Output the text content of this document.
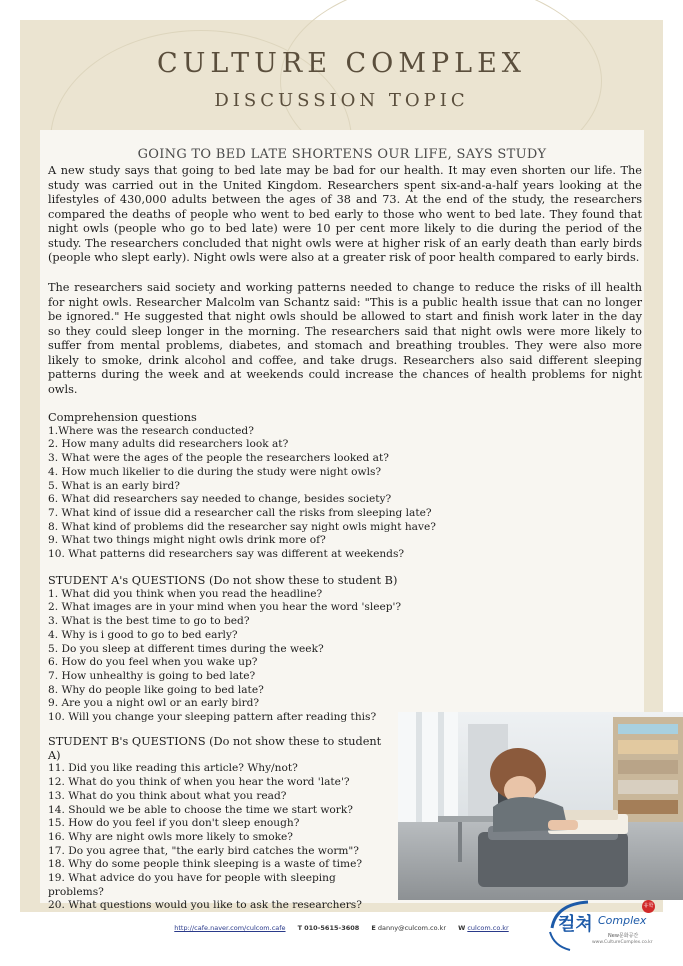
CULTURE COMPLEX
DISCUSSION TOPIC
GOING TO BED LATE SHORTENS OUR LIFE, SAYS STUDY

A new study says that going to bed late may be bad for our health. It may even shorten our life. The study was carried out in the United Kingdom. Researchers spent six-and-a-half years looking at the lifestyles of 430,000 adults between the ages of 38 and 73. At the end of the study, the researchers compared the deaths of people who went to bed early to those who went to bed late. They found that night owls (people who go to bed late) were 10 per cent more likely to die during the period of the study. The researchers concluded that night owls were at higher risk of an early death than early birds (people who slept early). Night owls were also at a greater risk of poor health compared to early birds.

The researchers said society and working patterns needed to change to reduce the risks of ill health for night owls. Researcher Malcolm van Schantz said: "This is a public health issue that can no longer be ignored." He suggested that night owls should be allowed to start and finish work later in the day so they could sleep longer in the morning. The researchers said that night owls were more likely to suffer from mental problems, diabetes, and stomach and breathing troubles. They were also more likely to smoke, drink alcohol and coffee, and take drugs. Researchers also said different sleeping patterns during the week and at weekends could increase the chances of health problems for night owls.

Comprehension questions
1.Where was the research conducted?
2. How many adults did researchers look at?
3. What were the ages of the people the researchers looked at?
4. How much likelier to die during the study were night owls?
5. What is an early bird?
6. What did researchers say needed to change, besides society?
7. What kind of issue did a researcher call the risks from sleeping late?
8. What kind of problems did the researcher say night owls might have?
9. What two things might night owls drink more of?
10. What patterns did researchers say was different at weekends?
STUDENT A's QUESTIONS (Do not show these to student B)
1. What did you think when you read the headline?
2. What images are in your mind when you hear the word 'sleep'?
3. What is the best time to go to bed?
4. Why is i good to go to bed early?
5. Do you sleep at different times during the week?
6. How do you feel when you wake up?
7. How unhealthy is going to bed late?
8. Why do people like going to bed late?
9. Are you a night owl or an early bird?
10. Will you change your sleeping pattern after reading this?
STUDENT B's QUESTIONS (Do not show these to student A)
11. Did you like reading this article? Why/not?
12. What do you think of when you hear the word 'late'?
13. What do you think about what you read?
14. Should we be able to choose the time we start work?
15. How do you feel if you don't sleep enough?
16. Why are night owls more likely to smoke?
17. Do you agree that, "the early bird catches the worm"?
18. Why do some people think sleeping is a waste of time?
19. What advice do you have for people with sleeping problems?
20. What questions would you like to ask the researchers?
http://cafe.naver.com/culcom.cafe T 010-5615-3608 E danny@culcom.co.kr W culcom.co.kr	컬쳐 Complex
유학
New문화공간
www.CultureComplex.co.kr
